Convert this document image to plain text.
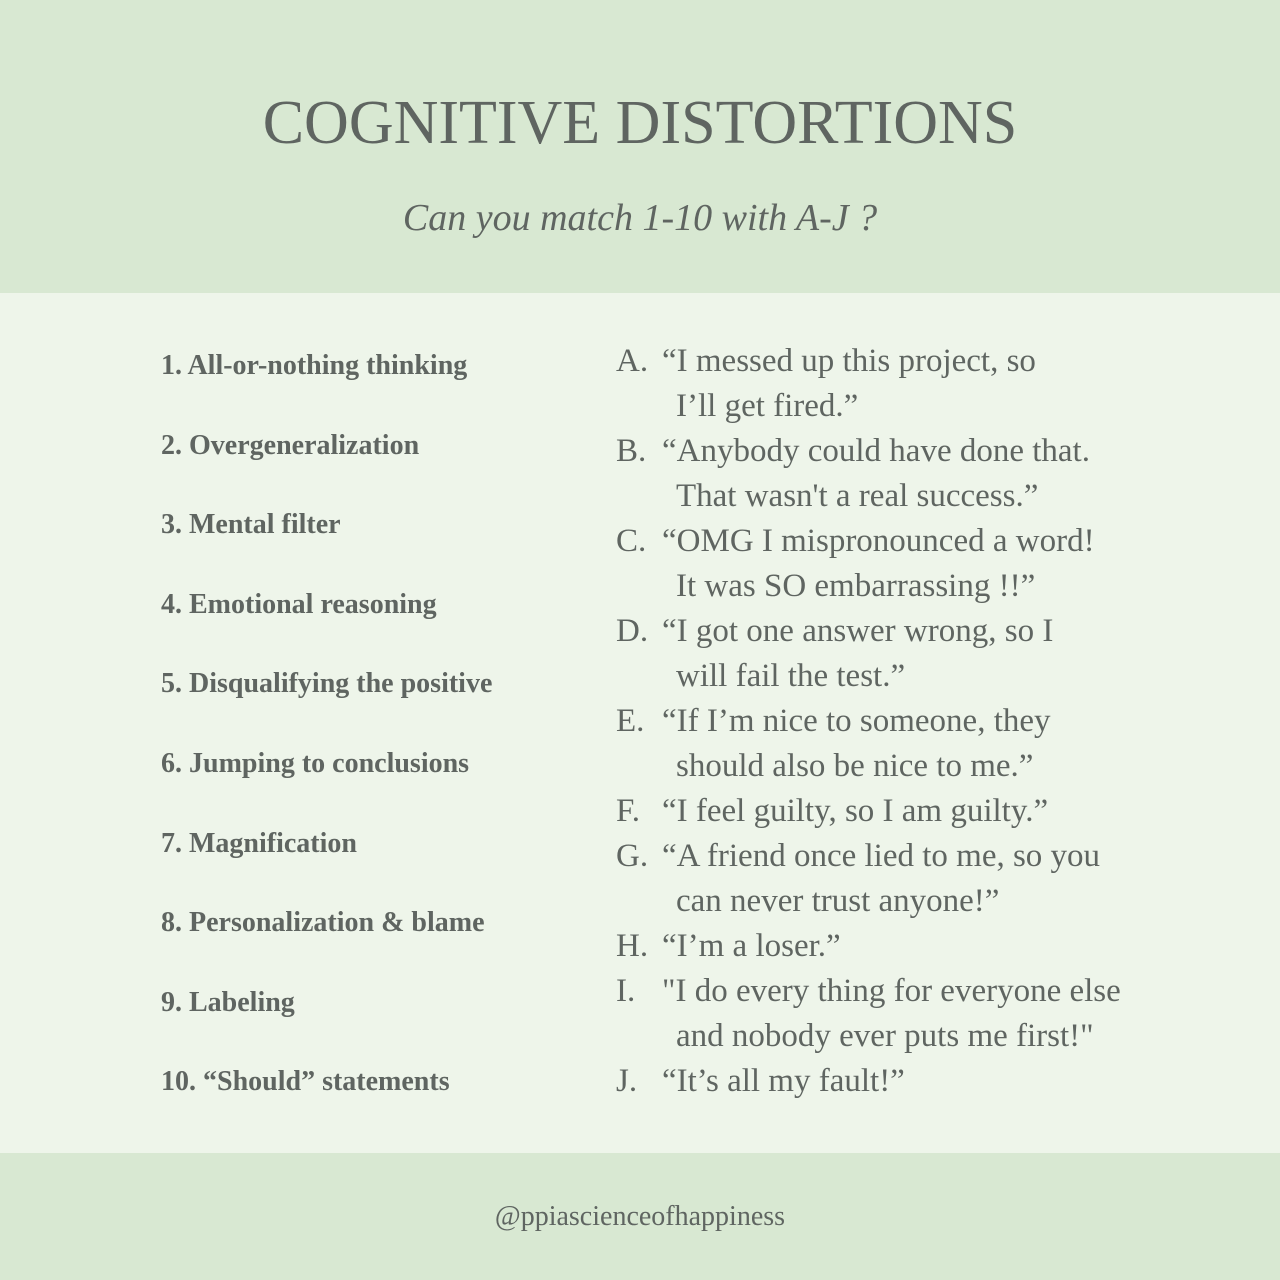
COGNITIVE DISTORTIONS
Can you match 1-10 with A-J ?
1. All-or-nothing thinking
2. Overgeneralization
3. Mental filter
4. Emotional reasoning
5. Disqualifying the positive
6. Jumping to conclusions
7. Magnification
8. Personalization & blame
9. Labeling
10. “Should” statements
A. “I messed up this project, so
I’ll get fired.”
B. “Anybody could have done that.
That wasn't a real success.”
C. “OMG I mispronounced a word!
It was SO embarrassing !!”
D. “I got one answer wrong, so I
will fail the test.”
E. “If I’m nice to someone, they
should also be nice to me.”
F. “I feel guilty, so I am guilty.”
G. “A friend once lied to me, so you
can never trust anyone!”
H. “I’m a loser.”
I. "I do every thing for everyone else
and nobody ever puts me first!"
J. “It’s all my fault!”
@ppiascienceofhappiness
